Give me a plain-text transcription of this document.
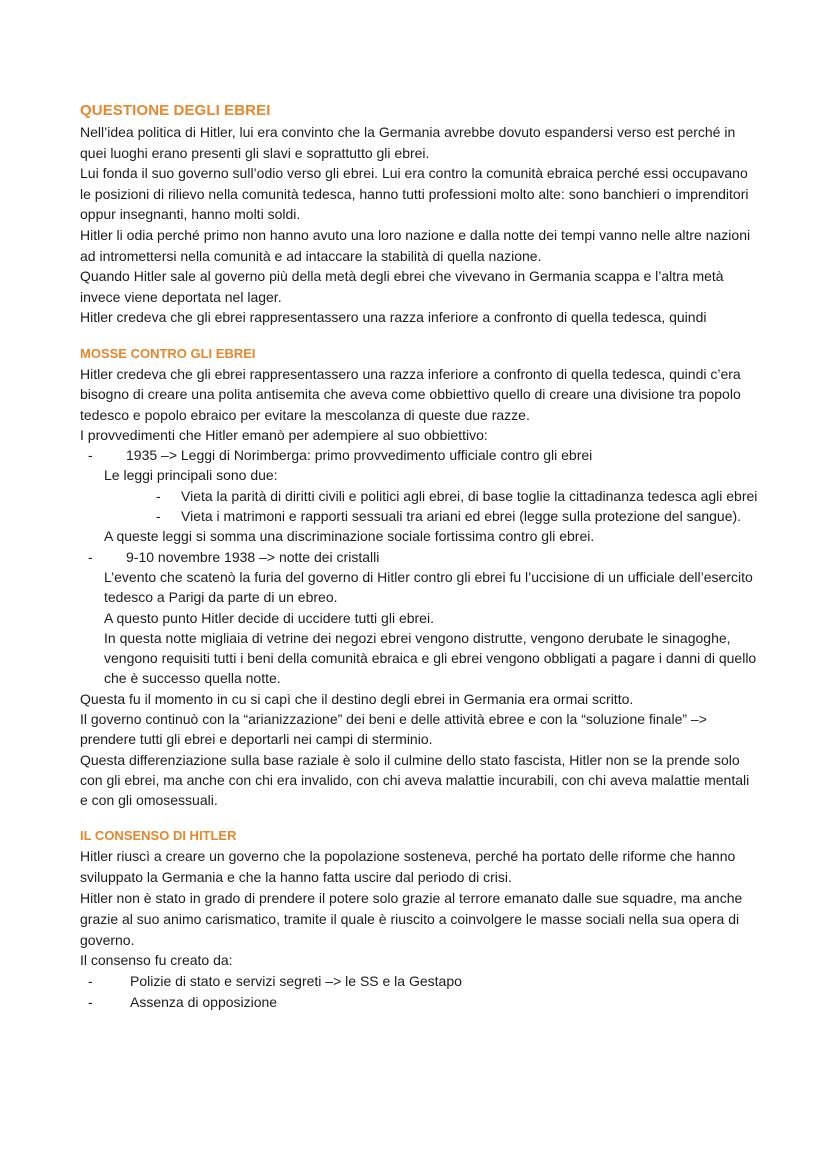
QUESTIONE DEGLI EBREI

Nell’idea politica di Hitler, lui era convinto che la Germania avrebbe dovuto espandersi verso est perché in quei luoghi erano presenti gli slavi e soprattutto gli ebrei.

Lui fonda il suo governo sull’odio verso gli ebrei. Lui era contro la comunità ebraica perché essi occupavano le posizioni di rilievo nella comunità tedesca, hanno tutti professioni molto alte: sono banchieri o imprenditori oppur insegnanti, hanno molti soldi.

Hitler li odia perché primo non hanno avuto una loro nazione e dalla notte dei tempi vanno nelle altre nazioni ad intromettersi nella comunità e ad intaccare la stabilità di quella nazione.

Quando Hitler sale al governo più della metà degli ebrei che vivevano in Germania scappa e l’altra metà invece viene deportata nel lager.

Hitler credeva che gli ebrei rappresentassero una razza inferiore a confronto di quella tedesca, quindi

MOSSE CONTRO GLI EBREI

Hitler credeva che gli ebrei rappresentassero una razza inferiore a confronto di quella tedesca, quindi c’era bisogno di creare una polita antisemita che aveva come obbiettivo quello di creare una divisione tra popolo tedesco e popolo ebraico per evitare la mescolanza di queste due razze.

I provvedimenti che Hitler emanò per adempiere al suo obbiettivo:

-	1935 –> Leggi di Norimberga: primo provvedimento ufficiale contro gli ebrei

Le leggi principali sono due:

-	Vieta la parità di diritti civili e politici agli ebrei, di base toglie la cittadinanza tedesca agli ebrei

-	Vieta i matrimoni e rapporti sessuali tra ariani ed ebrei (legge sulla protezione del sangue).

A queste leggi si somma una discriminazione sociale fortissima contro gli ebrei.

-	9-10 novembre 1938 –> notte dei cristalli

L’evento che scatenò la furia del governo di Hitler contro gli ebrei fu l’uccisione di un ufficiale dell’esercito tedesco a Parigi da parte di un ebreo.

A questo punto Hitler decide di uccidere tutti gli ebrei.

In questa notte migliaia di vetrine dei negozi ebrei vengono distrutte, vengono derubate le sinagoghe, vengono requisiti tutti i beni della comunità ebraica e gli ebrei vengono obbligati a pagare i danni di quello che è successo quella notte.

Questa fu il momento in cu si capì che il destino degli ebrei in Germania era ormai scritto.

Il governo continuò con la “arianizzazione” dei beni e delle attività ebree e con la “soluzione finale” –> prendere tutti gli ebrei e deportarli nei campi di sterminio.

Questa differenziazione sulla base raziale è solo il culmine dello stato fascista, Hitler non se la prende solo con gli ebrei, ma anche con chi era invalido, con chi aveva malattie incurabili, con chi aveva malattie mentali e con gli omosessuali.

IL CONSENSO DI HITLER

Hitler riuscì a creare un governo che la popolazione sosteneva, perché ha portato delle riforme che hanno sviluppato la Germania e che la hanno fatta uscire dal periodo di crisi.

Hitler non è stato in grado di prendere il potere solo grazie al terrore emanato dalle sue squadre, ma anche grazie al suo animo carismatico, tramite il quale è riuscito a coinvolgere le masse sociali nella sua opera di governo.

Il consenso fu creato da:

-	Polizie di stato e servizi segreti –> le SS e la Gestapo

-	Assenza di opposizione
